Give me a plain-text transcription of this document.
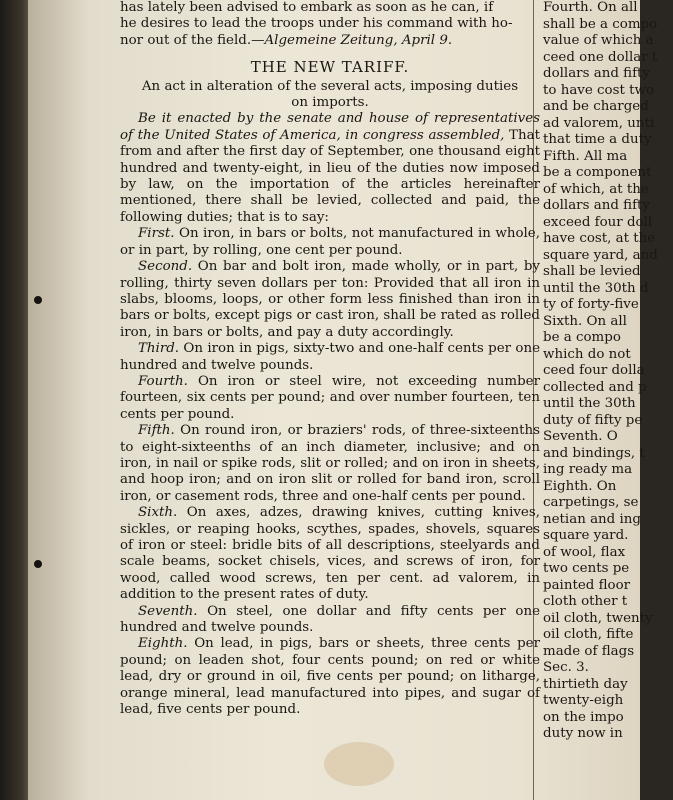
has lately been advised to embark as soon as he can, if

he desires to lead the troops under his command with ho-

nor out of the field.—Algemeine Zeitung, April 9.

THE NEW TARIFF.

An act in alteration of the several acts, imposing duties

on imports.

Be it enacted by the senate and house of representatives of the United States of America, in congress assembled, That from and after the first day of September, one thousand eight hundred and twenty-eight, in lieu of the duties now imposed by law, on the importation of the articles hereinafter mentioned, there shall be levied, collected and paid, the following duties; that is to say:

First. On iron, in bars or bolts, not manufactured in whole, or in part, by rolling, one cent per pound.

Second. On bar and bolt iron, made wholly, or in part, by rolling, thirty seven dollars per ton: Provided that all iron in slabs, blooms, loops, or other form less finished than iron in bars or bolts, except pigs or cast iron, shall be rated as rolled iron, in bars or bolts, and pay a duty accordingly.

Third. On iron in pigs, sixty-two and one-half cents per one hundred and twelve pounds.

Fourth. On iron or steel wire, not exceeding number fourteen, six cents per pound; and over number fourteen, ten cents per pound.

Fifth. On round iron, or braziers' rods, of three-sixteenths to eight-sixteenths of an inch diameter, inclusive; and on iron, in nail or spike rods, slit or rolled; and on iron in sheets, and hoop iron; and on iron slit or rolled for band iron, scroll iron, or casement rods, three and one-half cents per pound.

Sixth. On axes, adzes, drawing knives, cutting knives, sickles, or reaping hooks, scythes, spades, shovels, squares of iron or steel: bridle bits of all descriptions, steelyards and scale beams, socket chisels, vices, and screws of iron, for wood, called wood screws, ten per cent. ad valorem, in addition to the present rates of duty.

Seventh. On steel, one dollar and fifty cents per one hundred and twelve pounds.

Eighth. On lead, in pigs, bars or sheets, three cents per pound; on leaden shot, four cents pound; on red or white lead, dry or ground in oil, five cents per pound; on litharge, orange mineral, lead manufactured into pipes, and sugar of lead, five cents per pound.

Fourth. On all
shall be a compo
value of which a
ceed one dollar t
dollars and fifty
to have cost two
and be charged
ad valorem, unti
that time a duty
Fifth. All ma
be a component
of which, at the
dollars and fifty
exceed four doll
have cost, at the
square yard, and
shall be levied
until the 30th d
ty of forty-five
Sixth. On all
be a compo
which do not
ceed four dolla
collected and p
until the 30th
duty of fifty pe
Seventh. O
and bindings, t
ing ready ma
Eighth. On
carpetings, se
netian and ing
square yard.
of wool, flax
two cents pe
painted floor
cloth other t
oil cloth, twenty
oil cloth, fifte
made of flags
Sec. 3.
thirtieth day
twenty-eigh
on the impo
duty now in
